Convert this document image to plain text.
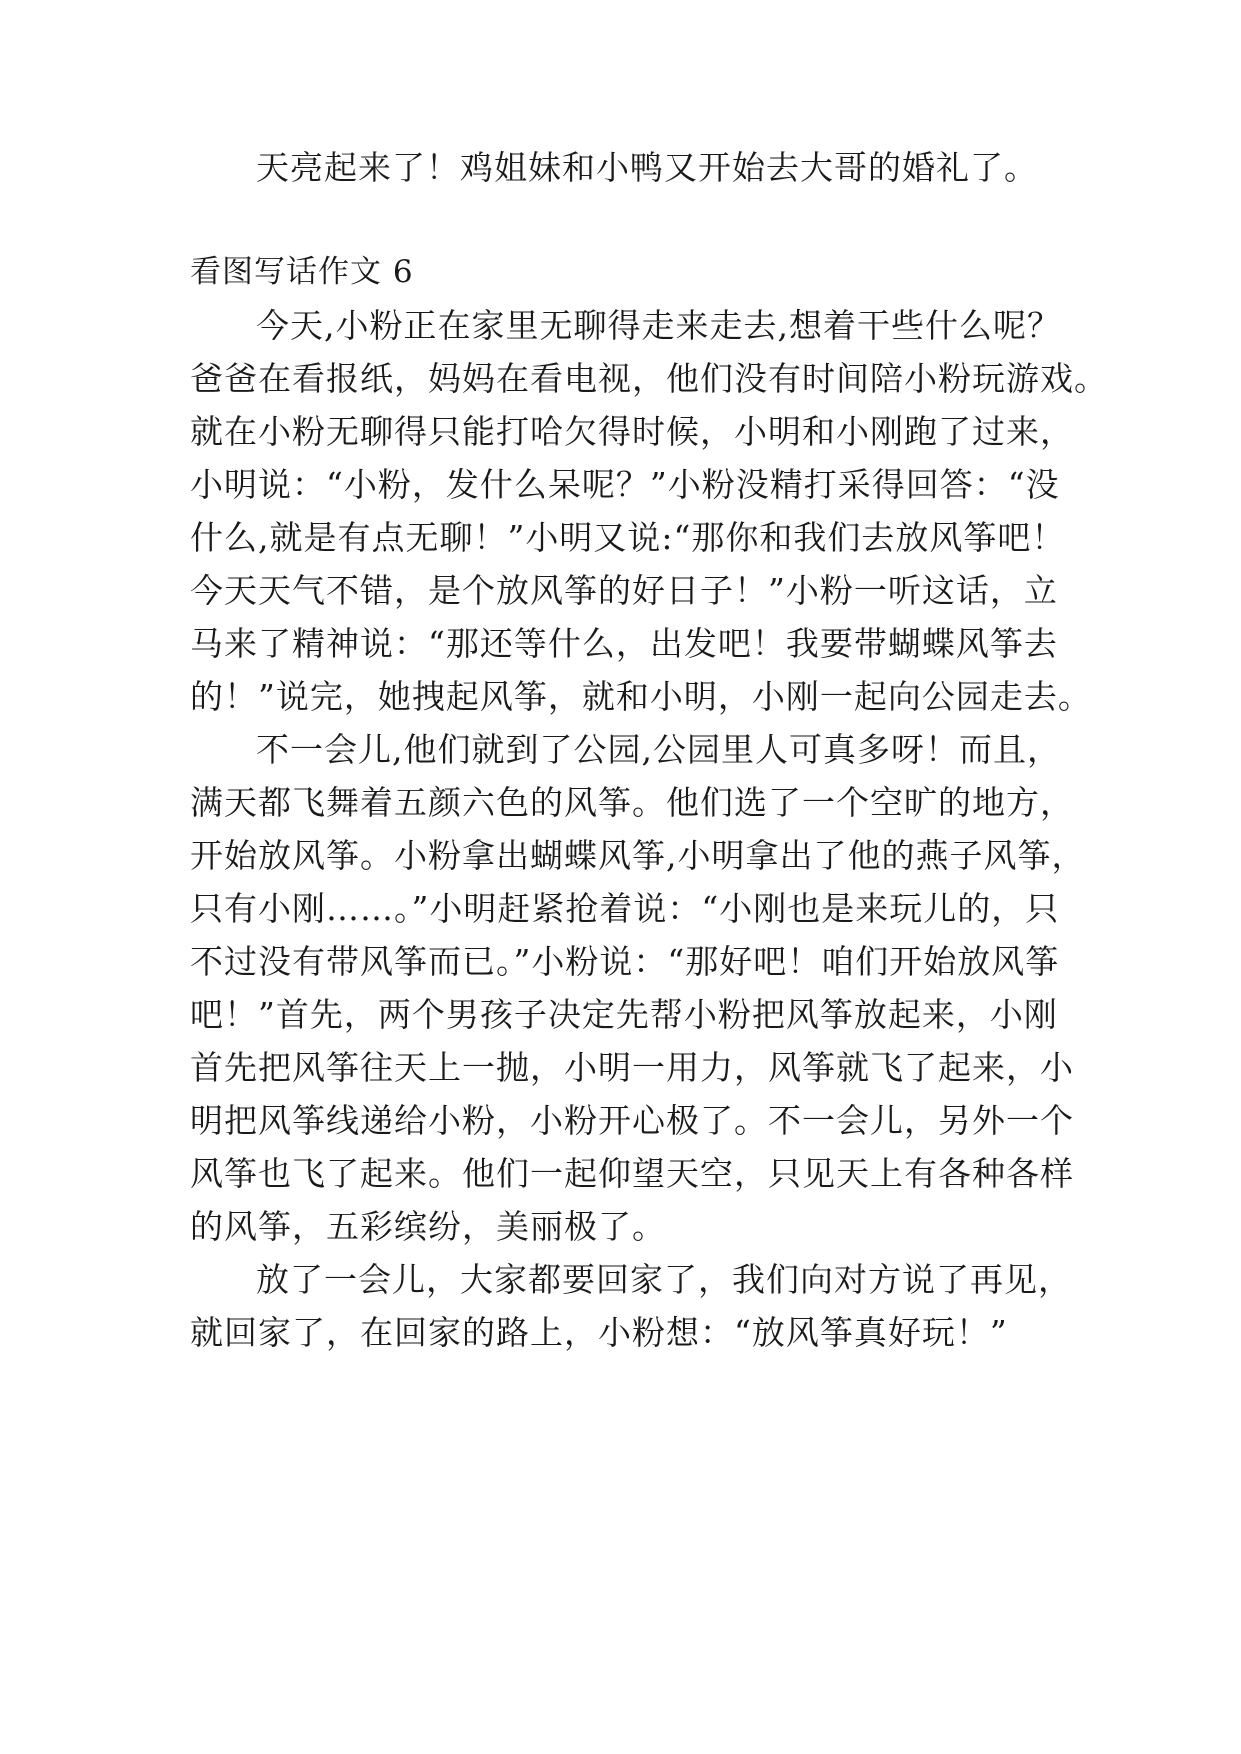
天亮起来了！鸡姐妹和小鸭又开始去大哥的婚礼了。
看图写话作文 6
今天,小粉正在家里无聊得走来走去,想着干些什么呢？
爸爸在看报纸，妈妈在看电视，他们没有时间陪小粉玩游戏。
就在小粉无聊得只能打哈欠得时候，小明和小刚跑了过来，
小明说：“小粉，发什么呆呢？”小粉没精打采得回答：“没
什么,就是有点无聊！”小明又说:“那你和我们去放风筝吧！
今天天气不错，是个放风筝的好日子！”小粉一听这话，立
马来了精神说：“那还等什么，出发吧！我要带蝴蝶风筝去
的！”说完，她拽起风筝，就和小明，小刚一起向公园走去。
不一会儿,他们就到了公园,公园里人可真多呀！而且，
满天都飞舞着五颜六色的风筝。他们选了一个空旷的地方，
开始放风筝。小粉拿出蝴蝶风筝,小明拿出了他的燕子风筝，
只有小刚……。”小明赶紧抢着说：“小刚也是来玩儿的，只
不过没有带风筝而已。”小粉说：“那好吧！咱们开始放风筝
吧！”首先，两个男孩子决定先帮小粉把风筝放起来，小刚
首先把风筝往天上一抛，小明一用力，风筝就飞了起来，小
明把风筝线递给小粉，小粉开心极了。不一会儿，另外一个
风筝也飞了起来。他们一起仰望天空，只见天上有各种各样
的风筝，五彩缤纷，美丽极了。
放了一会儿，大家都要回家了，我们向对方说了再见，
就回家了，在回家的路上，小粉想：“放风筝真好玩！”
